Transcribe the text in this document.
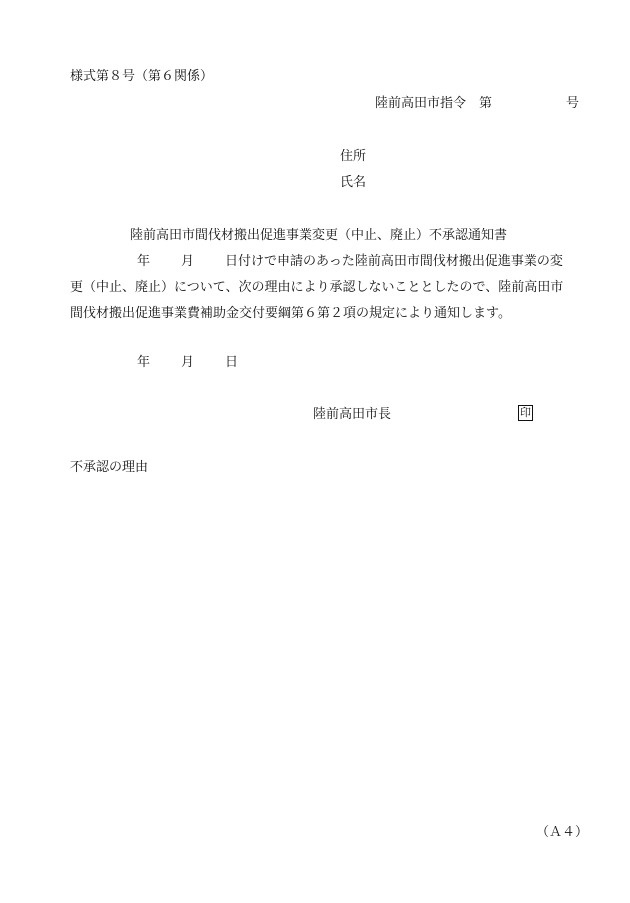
様式第８号（第６関係）
陸前高田市指令　第	号
住所
氏名
陸前高田市間伐材搬出促進事業変更（中止、廃止）不承認通知書
年 月 日付けで申請のあった陸前高田市間伐材搬出促進事業の変
更（中止、廃止）について、次の理由により承認しないこととしたので、陸前高田市
間伐材搬出促進事業費補助金交付要綱第６第２項の規定により通知します。
年 月 日
陸前高田市長	印
不承認の理由
（Ａ４）
